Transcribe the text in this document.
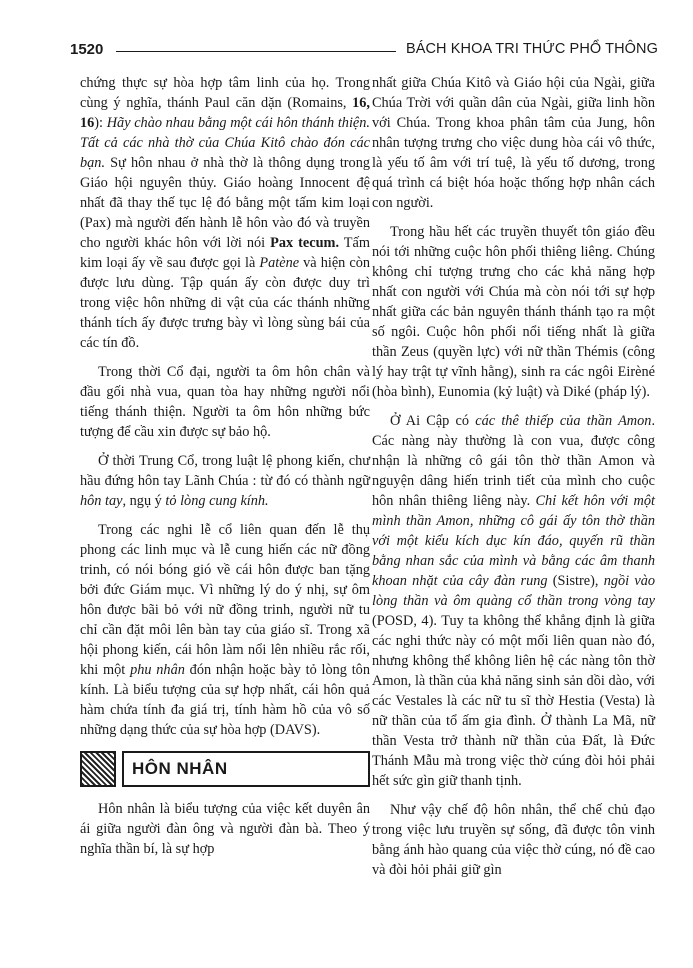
1520	BÁCH KHOA TRI THỨC PHỔ THÔNG

chứng thực sự hòa hợp tâm linh của họ. Trong cùng ý nghĩa, thánh Paul căn dặn (Romains, 16, 16): Hãy chào nhau bằng một cái hôn thánh thiện. Tất cả các nhà thờ của Chúa Kitô chào đón các bạn. Sự hôn nhau ở nhà thờ là thông dụng trong Giáo hội nguyên thủy. Giáo hoàng Innocent đệ nhất đã thay thế tục lệ đó bằng một tấm kim loại (Pax) mà người đến hành lễ hôn vào đó và truyền cho người khác hôn với lời nói Pax tecum. Tấm kim loại ấy về sau được gọi là Patène và hiện còn được lưu dùng. Tập quán ấy còn được duy trì trong việc hôn những di vật của các thánh những thánh tích ấy được trưng bày vì lòng sùng bái của các tín đồ.

Trong thời Cổ đại, người ta ôm hôn chân và đầu gối nhà vua, quan tòa hay những người nổi tiếng thánh thiện. Người ta ôm hôn những bức tượng để cầu xin được sự bảo hộ.

Ở thời Trung Cổ, trong luật lệ phong kiến, chư hầu đứng hôn tay Lãnh Chúa : từ đó có thành ngữ hôn tay, ngụ ý tỏ lòng cung kính.

Trong các nghi lễ cổ liên quan đến lễ thụ phong các linh mục và lễ cung hiến các nữ đồng trinh, có nói bóng gió về cái hôn được ban tặng bởi đức Giám mục. Vì những lý do ý nhị, sự ôm hôn được bãi bỏ với nữ đồng trinh, người nữ tu chỉ cần đặt môi lên bàn tay của giáo sĩ. Trong xã hội phong kiến, cái hôn làm nổi lên nhiều rắc rối, khi một phu nhân đón nhận hoặc bày tỏ lòng tôn kính. Là biểu tượng của sự hợp nhất, cái hôn quả hàm chứa tính đa giá trị, tính hàm hồ của vô số những dạng thức của sự hòa hợp (DAVS).

HÔN NHÂN

Hôn nhân là biểu tượng của việc kết duyên ân ái giữa người đàn ông và người đàn bà. Theo ý nghĩa thần bí, là sự hợp

nhất giữa Chúa Kitô và Giáo hội của Ngài, giữa Chúa Trời với quần dân của Ngài, giữa linh hồn với Chúa. Trong khoa phân tâm của Jung, hôn nhân tượng trưng cho việc dung hòa cái vô thức, là yếu tố âm với trí tuệ, là yếu tố dương, trong quá trình cá biệt hóa hoặc thống hợp nhân cách con người.

Trong hầu hết các truyền thuyết tôn giáo đều nói tới những cuộc hôn phối thiêng liêng. Chúng không chỉ tượng trưng cho các khả năng hợp nhất con người với Chúa mà còn nói tới sự hợp nhất giữa các bản nguyên thánh thánh tạo ra một số ngôi. Cuộc hôn phối nổi tiếng nhất là giữa thần Zeus (quyền lực) với nữ thần Thémis (công lý hay trật tự vĩnh hằng), sinh ra các ngôi Eirèné (hòa bình), Eunomia (kỷ luật) và Diké (pháp lý).

Ở Ai Cập có các thê thiếp của thần Amon. Các nàng này thường là con vua, được công nhận là những cô gái tôn thờ thần Amon và nguyện dâng hiến trinh tiết của mình cho cuộc hôn nhân thiêng liêng này. Chỉ kết hôn với một mình thần Amon, những cô gái ấy tôn thờ thần với một kiểu kích dục kín đáo, quyến rũ thần bằng nhan sắc của mình và bằng các âm thanh khoan nhặt của cây đàn rung (Sistre), ngồi vào lòng thần và ôm quàng cổ thần trong vòng tay (POSD, 4). Tuy ta không thể khẳng định là giữa các nghi thức này có một mối liên quan nào đó, nhưng không thể không liên hệ các nàng tôn thờ Amon, là thần của khả năng sinh sản dồi dào, với các Vestales là các nữ tu sĩ thờ Hestia (Vesta) là nữ thần của tổ ấm gia đình. Ở thành La Mã, nữ thần Vesta trở thành nữ thần của Đất, là Đức Thánh Mẫu mà trong việc thờ cúng đòi hỏi phải hết sức gìn giữ thanh tịnh.

Như vậy chế độ hôn nhân, thể chế chủ đạo trong việc lưu truyền sự sống, đã được tôn vinh bằng ánh hào quang của việc thờ cúng, nó đề cao và đòi hỏi phải giữ gìn
